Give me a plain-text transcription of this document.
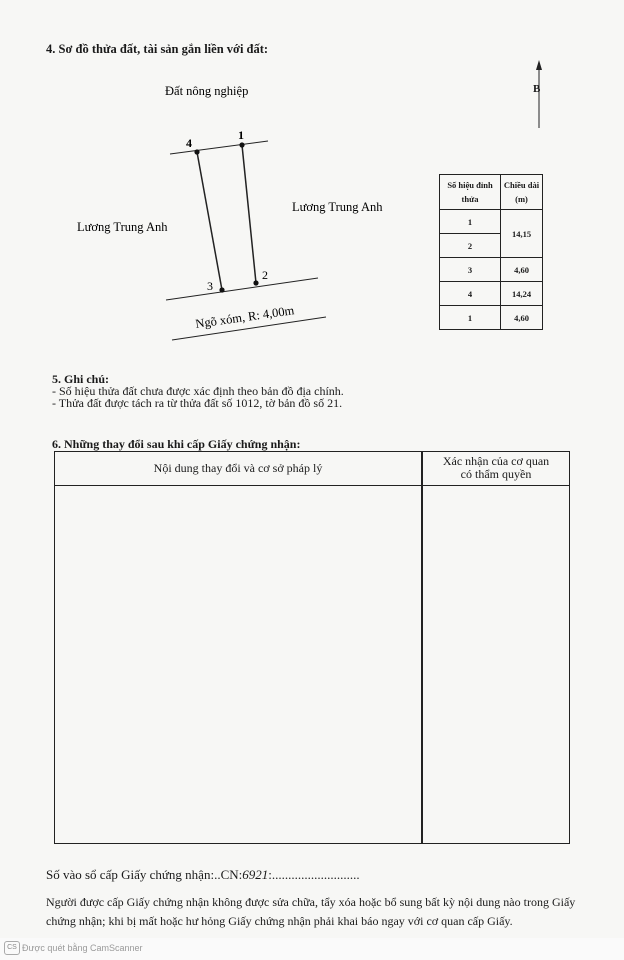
4. Sơ đồ thửa đất, tài sản gắn liền với đất:
4
1
2
3
Đất nông nghiệp
Lương Trung Anh
Lương Trung Anh
Ngõ xóm, R: 4,00m
B
Số hiệu đỉnh thửa	Chiều dài (m)
1	14,15
2	
3	4,60
4	14,24
1	4,60
5. Ghi chú:
- Số hiệu thửa đất chưa được xác định theo bản đồ địa chính.
- Thửa đất được tách ra từ thửa đất số 1012, tờ bản đồ số 21.
6. Những thay đổi sau khi cấp Giấy chứng nhận:
Nội dung thay đổi và cơ sở pháp lý	Xác nhận của cơ quan
có thẩm quyền
Số vào sổ cấp Giấy chứng nhận:..CN:6921:...........................
Người được cấp Giấy chứng nhận không được sửa chữa, tẩy xóa hoặc bổ sung bất kỳ nội dung nào trong Giấy chứng nhận; khi bị mất hoặc hư hỏng Giấy chứng nhận phải khai báo ngay với cơ quan cấp Giấy.
CS Được quét bằng CamScanner
